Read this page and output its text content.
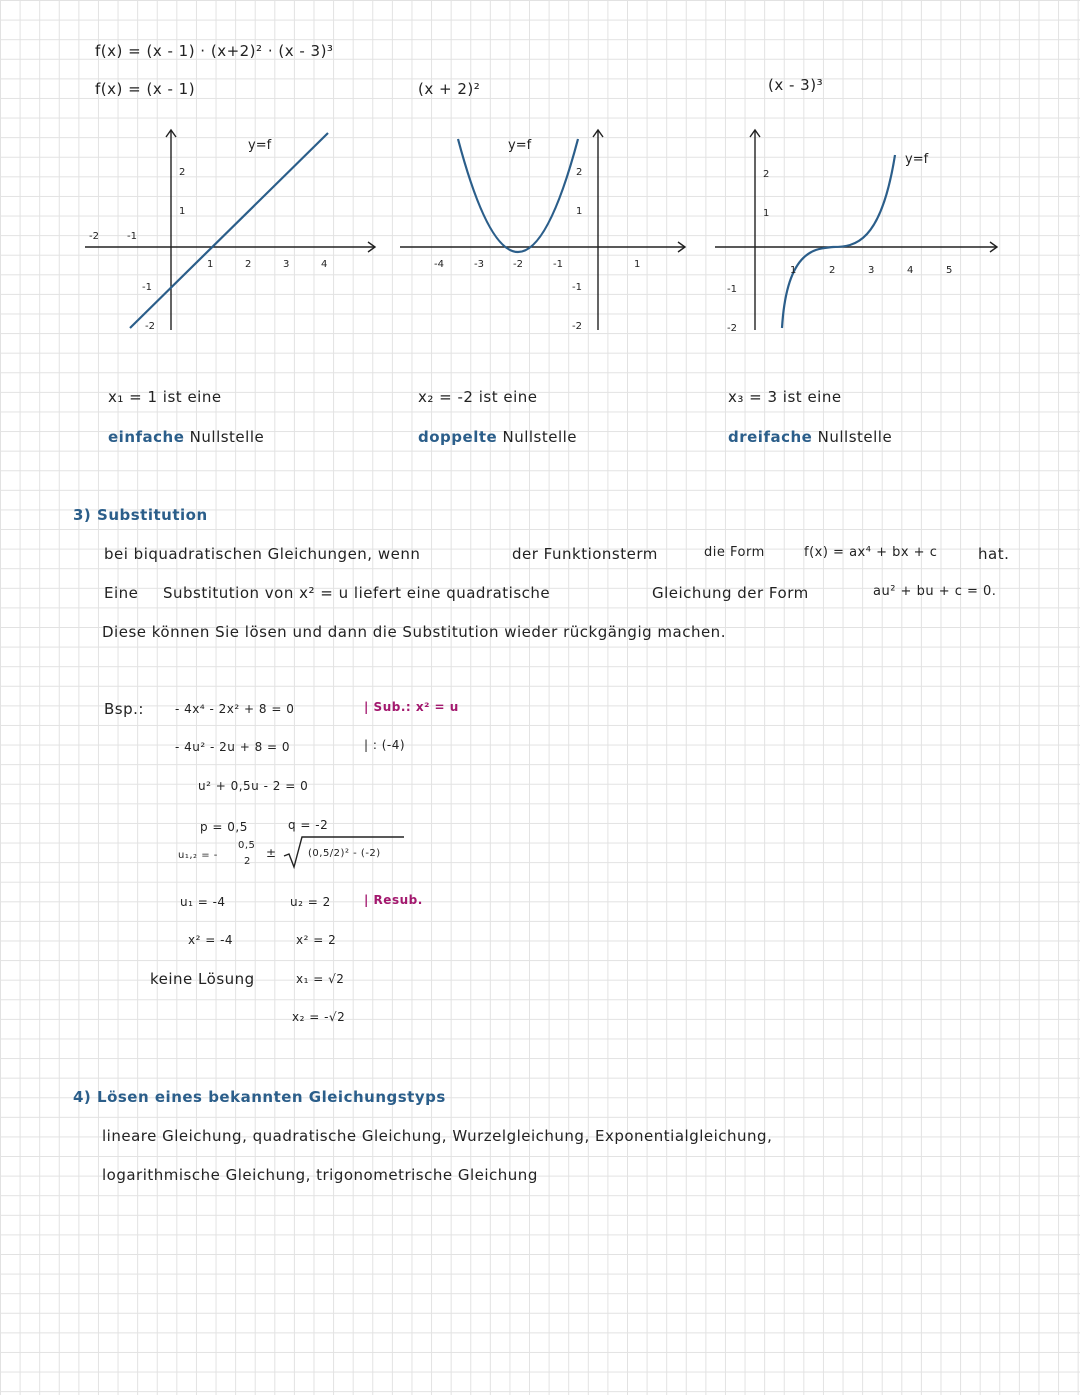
f(x) = (x - 1) · (x+2)² · (x - 3)³
f(x) = (x - 1)	(x + 2)²	(x - 3)³
-2	-1
1	2	3	4
2
1
-1
-2
y=f
-4	-3	-2	-1	1
2
1
-1
-2
y=f
1	2	3	4	5
2
1
-2
y=f
-1
x₁ = 1 ist eine
einfache Nullstelle
x₂ = -2 ist eine
doppelte Nullstelle
x₃ = 3 ist eine
dreifache Nullstelle
3) Substitution
bei biquadratischen Gleichungen, wenn	der Funktionsterm	die Form	f(x) = ax⁴ + bx + c	hat.
Eine Substitution von x² = u liefert eine quadratische	Gleichung der Form	au² + bu + c = 0.
Diese können Sie lösen und dann die Substitution wieder rückgängig machen.
Bsp.:	- 4x⁴ - 2x² + 8 = 0	| Sub.: x² = u
- 4u² - 2u + 8 = 0	| : (-4)
u² + 0,5u - 2 = 0
p = 0,5	q = -2
u₁,₂ = -
0,5
2
±	(0,5/2)² - (-2)
u₁ = -4	u₂ = 2	| Resub.
x² = -4	x² = 2
keine Lösung	x₁ = √2
x₂ = -√2
4) Lösen eines bekannten Gleichungstyps
lineare Gleichung, quadratische Gleichung, Wurzelgleichung, Exponentialgleichung,
logarithmische Gleichung, trigonometrische Gleichung
